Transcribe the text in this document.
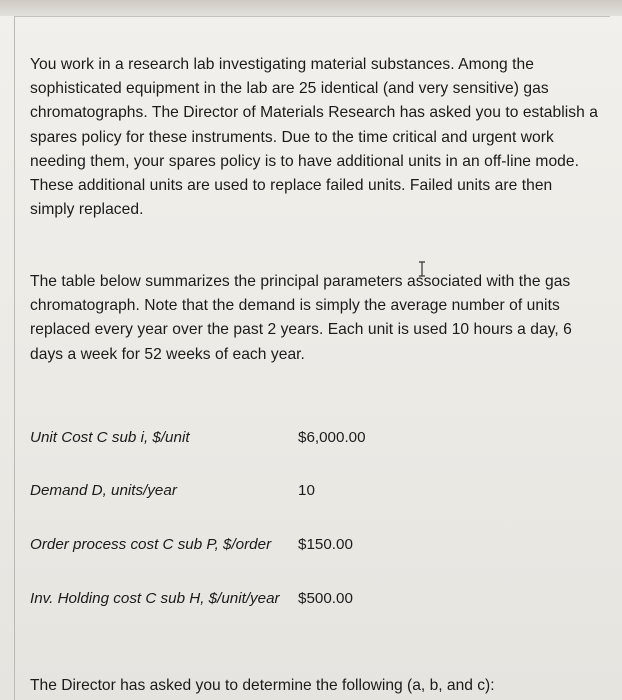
You work in a research lab investigating material substances. Among the sophisticated equipment in the lab are 25 identical (and very sensitive) gas chromatographs. The Director of Materials Research has asked you to establish a spares policy for these instruments. Due to the time critical and urgent work needing them, your spares policy is to have additional units in an off-line mode. These additional units are used to replace failed units. Failed units are then simply replaced.

The table below summarizes the principal parameters associated with the gas chromatograph. Note that the demand is simply the average number of units replaced every year over the past 2 years. Each unit is used 10 hours a day, 6 days a week for 52 weeks of each year.

Unit Cost C sub i, $/unit	$6,000.00
Demand D, units/year	10
Order process cost C sub P, $/order $150.00
Inv. Holding cost C sub H, $/unit/year $500.00
The Director has asked you to determine the following (a, b, and c):
